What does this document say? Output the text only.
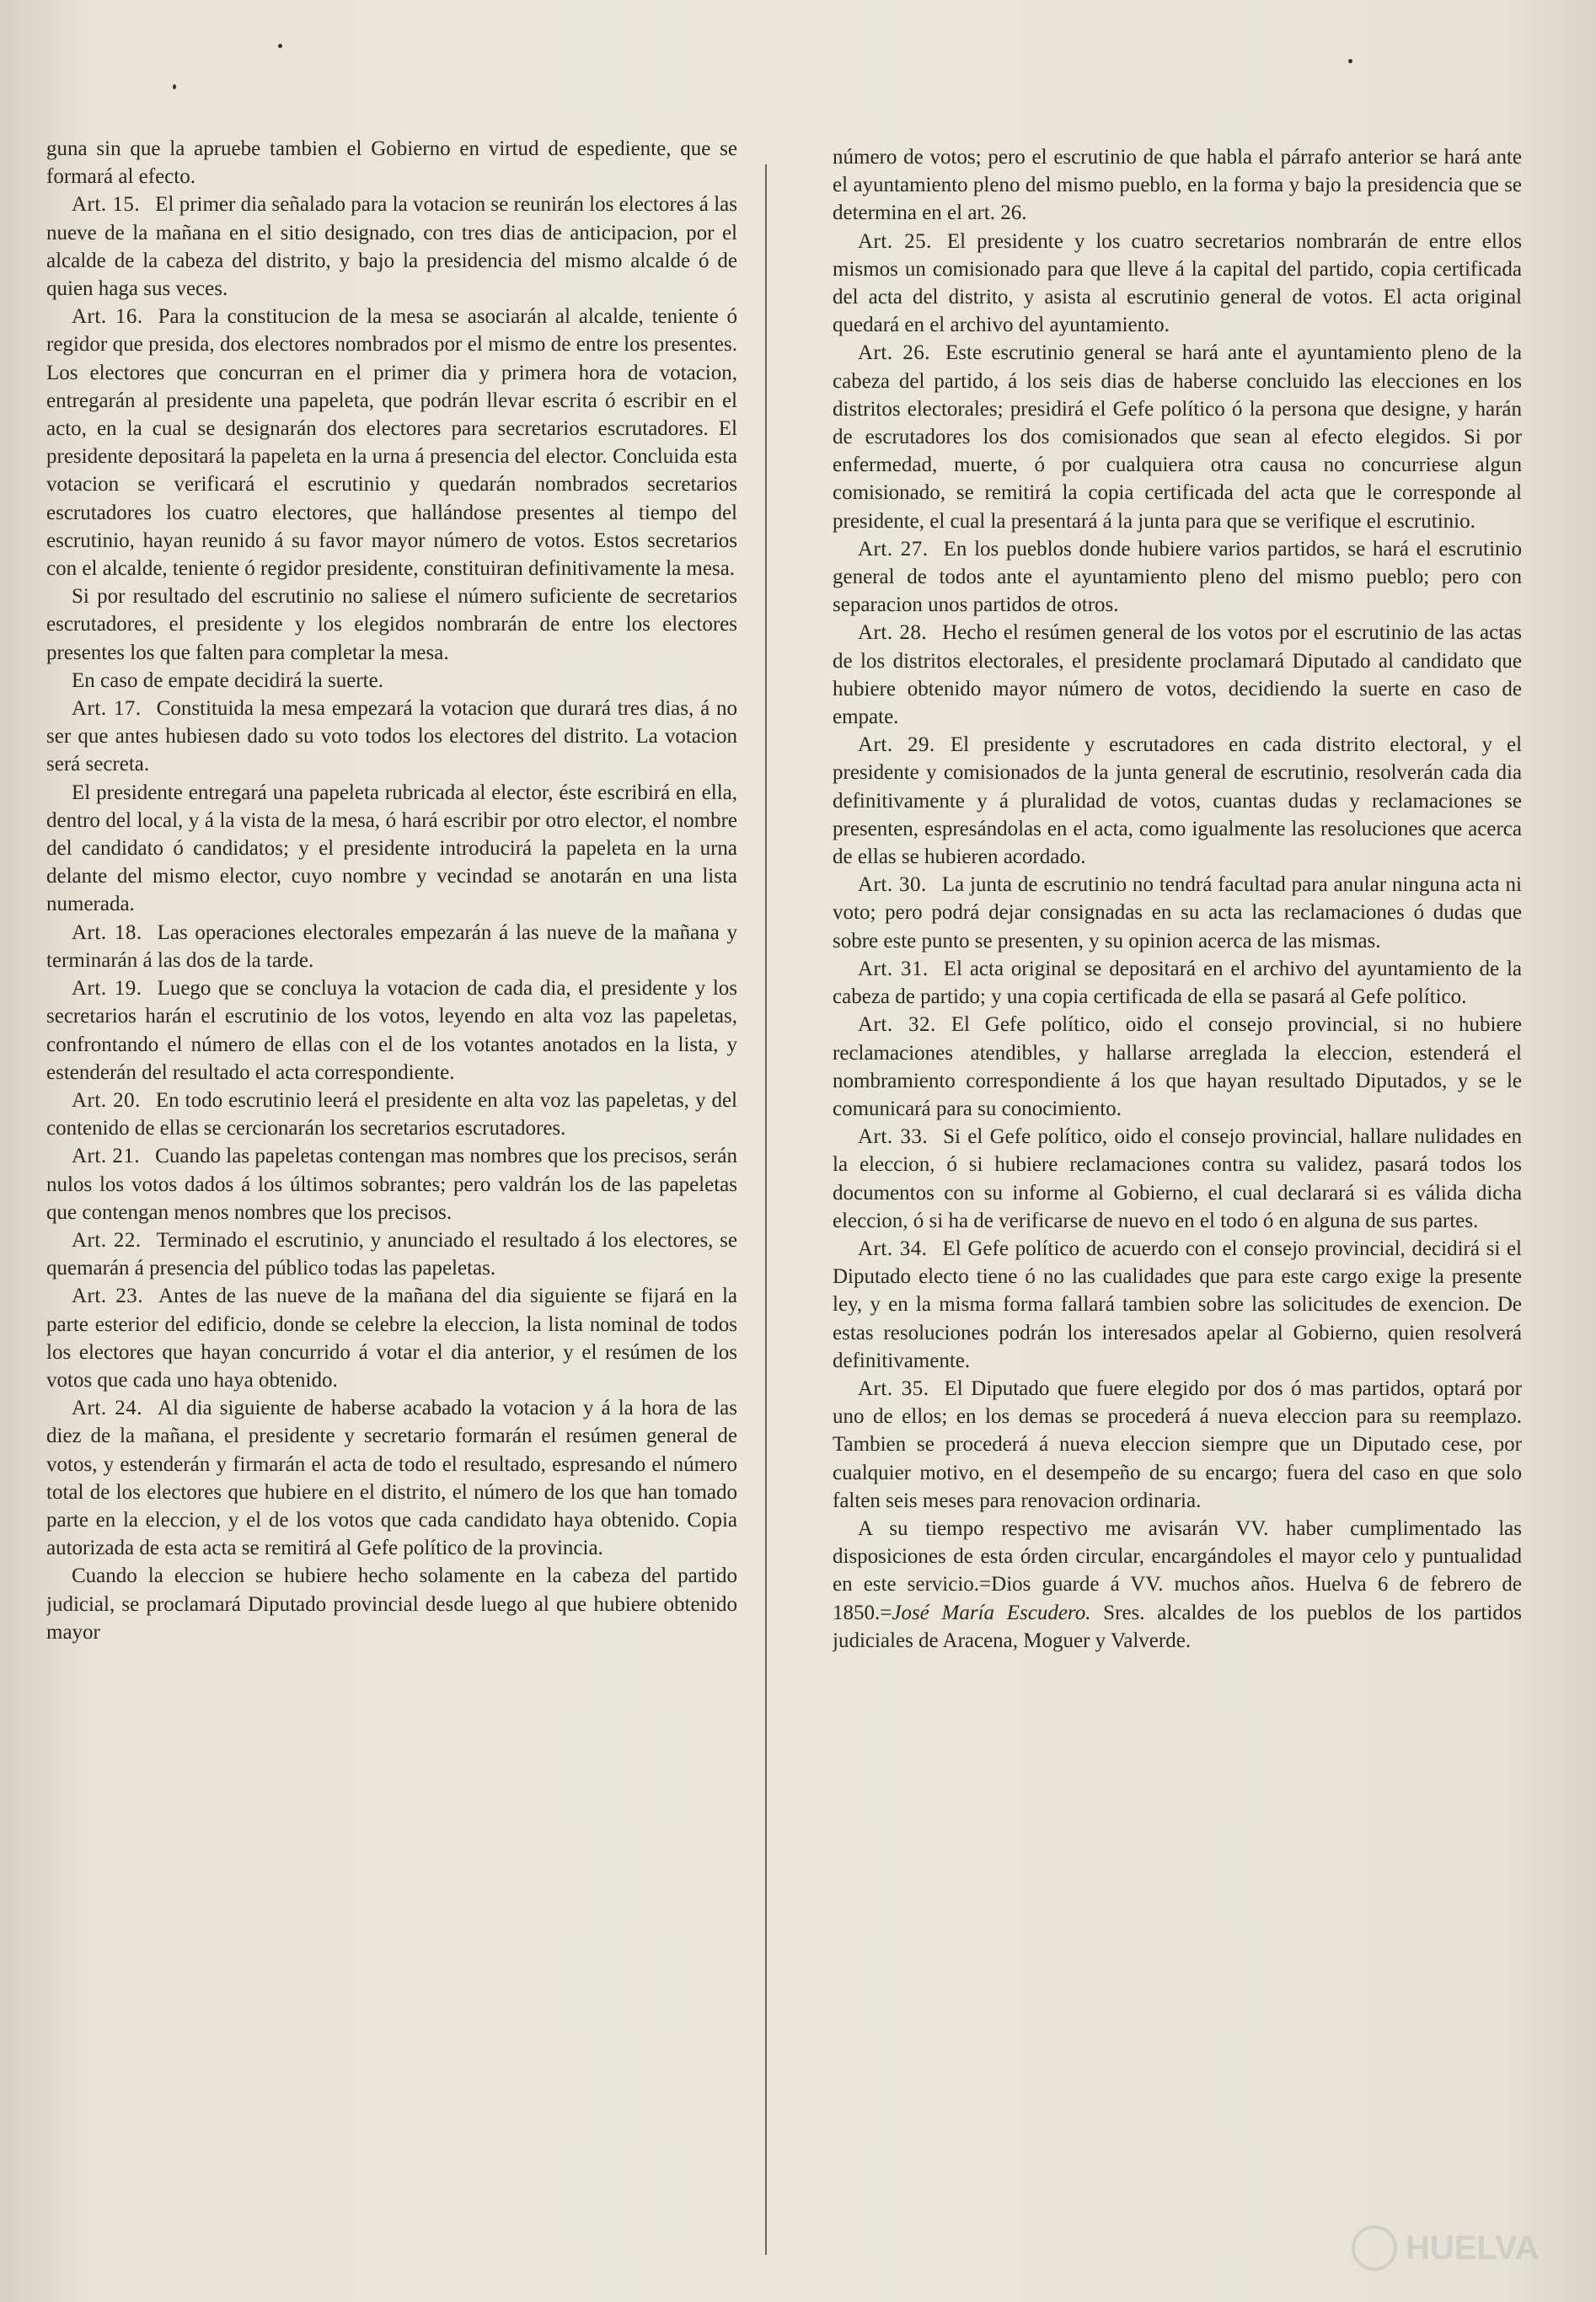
guna sin que la apruebe tambien el Gobierno en virtud de espediente, que se formará al efecto.

Art. 15. El primer dia señalado para la votacion se reunirán los electores á las nueve de la mañana en el sitio designado, con tres dias de anticipacion, por el alcalde de la cabeza del distrito, y bajo la presidencia del mismo alcalde ó de quien haga sus veces.

Art. 16. Para la constitucion de la mesa se asociarán al alcalde, teniente ó regidor que presida, dos electores nombrados por el mismo de entre los presentes. Los electores que concurran en el primer dia y primera hora de votacion, entregarán al presidente una papeleta, que podrán llevar escrita ó escribir en el acto, en la cual se designarán dos electores para secretarios escrutadores. El presidente depositará la papeleta en la urna á presencia del elector. Concluida esta votacion se verificará el escrutinio y quedarán nombrados secretarios escrutadores los cuatro electores, que hallándose presentes al tiempo del escrutinio, hayan reunido á su favor mayor número de votos. Estos secretarios con el alcalde, teniente ó regidor presidente, constituiran definitivamente la mesa.

Si por resultado del escrutinio no saliese el número suficiente de secretarios escrutadores, el presidente y los elegidos nombrarán de entre los electores presentes los que falten para completar la mesa.

En caso de empate decidirá la suerte.

Art. 17. Constituida la mesa empezará la votacion que durará tres dias, á no ser que antes hubiesen dado su voto todos los electores del distrito. La votacion será secreta.

El presidente entregará una papeleta rubricada al elector, éste escribirá en ella, dentro del local, y á la vista de la mesa, ó hará escribir por otro elector, el nombre del candidato ó candidatos; y el presidente introducirá la papeleta en la urna delante del mismo elector, cuyo nombre y vecindad se anotarán en una lista numerada.

Art. 18. Las operaciones electorales empezarán á las nueve de la mañana y terminarán á las dos de la tarde.

Art. 19. Luego que se concluya la votacion de cada dia, el presidente y los secretarios harán el escrutinio de los votos, leyendo en alta voz las papeletas, confrontando el número de ellas con el de los votantes anotados en la lista, y estenderán del resultado el acta correspondiente.

Art. 20. En todo escrutinio leerá el presidente en alta voz las papeletas, y del contenido de ellas se cercionarán los secretarios escrutadores.

Art. 21. Cuando las papeletas contengan mas nombres que los precisos, serán nulos los votos dados á los últimos sobrantes; pero valdrán los de las papeletas que contengan menos nombres que los precisos.

Art. 22. Terminado el escrutinio, y anunciado el resultado á los electores, se quemarán á presencia del público todas las papeletas.

Art. 23. Antes de las nueve de la mañana del dia siguiente se fijará en la parte esterior del edificio, donde se celebre la eleccion, la lista nominal de todos los electores que hayan concurrido á votar el dia anterior, y el resúmen de los votos que cada uno haya obtenido.

Art. 24. Al dia siguiente de haberse acabado la votacion y á la hora de las diez de la mañana, el presidente y secretario formarán el resúmen general de votos, y estenderán y firmarán el acta de todo el resultado, espresando el número total de los electores que hubiere en el distrito, el número de los que han tomado parte en la eleccion, y el de los votos que cada candidato haya obtenido. Copia autorizada de esta acta se remitirá al Gefe político de la provincia.

Cuando la eleccion se hubiere hecho solamente en la cabeza del partido judicial, se proclamará Diputado provincial desde luego al que hubiere obtenido mayor

número de votos; pero el escrutinio de que habla el párrafo anterior se hará ante el ayuntamiento pleno del mismo pueblo, en la forma y bajo la presidencia que se determina en el art. 26.

Art. 25. El presidente y los cuatro secretarios nombrarán de entre ellos mismos un comisionado para que lleve á la capital del partido, copia certificada del acta del distrito, y asista al escrutinio general de votos. El acta original quedará en el archivo del ayuntamiento.

Art. 26. Este escrutinio general se hará ante el ayuntamiento pleno de la cabeza del partido, á los seis dias de haberse concluido las elecciones en los distritos electorales; presidirá el Gefe político ó la persona que designe, y harán de escrutadores los dos comisionados que sean al efecto elegidos. Si por enfermedad, muerte, ó por cualquiera otra causa no concurriese algun comisionado, se remitirá la copia certificada del acta que le corresponde al presidente, el cual la presentará á la junta para que se verifique el escrutinio.

Art. 27. En los pueblos donde hubiere varios partidos, se hará el escrutinio general de todos ante el ayuntamiento pleno del mismo pueblo; pero con separacion unos partidos de otros.

Art. 28. Hecho el resúmen general de los votos por el escrutinio de las actas de los distritos electorales, el presidente proclamará Diputado al candidato que hubiere obtenido mayor número de votos, decidiendo la suerte en caso de empate.

Art. 29. El presidente y escrutadores en cada distrito electoral, y el presidente y comisionados de la junta general de escrutinio, resolverán cada dia definitivamente y á pluralidad de votos, cuantas dudas y reclamaciones se presenten, espresándolas en el acta, como igualmente las resoluciones que acerca de ellas se hubieren acordado.

Art. 30. La junta de escrutinio no tendrá facultad para anular ninguna acta ni voto; pero podrá dejar consignadas en su acta las reclamaciones ó dudas que sobre este punto se presenten, y su opinion acerca de las mismas.

Art. 31. El acta original se depositará en el archivo del ayuntamiento de la cabeza de partido; y una copia certificada de ella se pasará al Gefe político.

Art. 32. El Gefe político, oido el consejo provincial, si no hubiere reclamaciones atendibles, y hallarse arreglada la eleccion, estenderá el nombramiento correspondiente á los que hayan resultado Diputados, y se le comunicará para su conocimiento.

Art. 33. Si el Gefe político, oido el consejo provincial, hallare nulidades en la eleccion, ó si hubiere reclamaciones contra su validez, pasará todos los documentos con su informe al Gobierno, el cual declarará si es válida dicha eleccion, ó si ha de verificarse de nuevo en el todo ó en alguna de sus partes.

Art. 34. El Gefe político de acuerdo con el consejo provincial, decidirá si el Diputado electo tiene ó no las cualidades que para este cargo exige la presente ley, y en la misma forma fallará tambien sobre las solicitudes de exencion. De estas resoluciones podrán los interesados apelar al Gobierno, quien resolverá definitivamente.

Art. 35. El Diputado que fuere elegido por dos ó mas partidos, optará por uno de ellos; en los demas se procederá á nueva eleccion para su reemplazo. Tambien se procederá á nueva eleccion siempre que un Diputado cese, por cualquier motivo, en el desempeño de su encargo; fuera del caso en que solo falten seis meses para renovacion ordinaria.

A su tiempo respectivo me avisarán VV. haber cumplimentado las disposiciones de esta órden circular, encargándoles el mayor celo y puntualidad en este servicio.=Dios guarde á VV. muchos años. Huelva 6 de febrero de 1850.=José María Escudero. Sres. alcaldes de los pueblos de los partidos judiciales de Aracena, Moguer y Valverde.

HUELVA
